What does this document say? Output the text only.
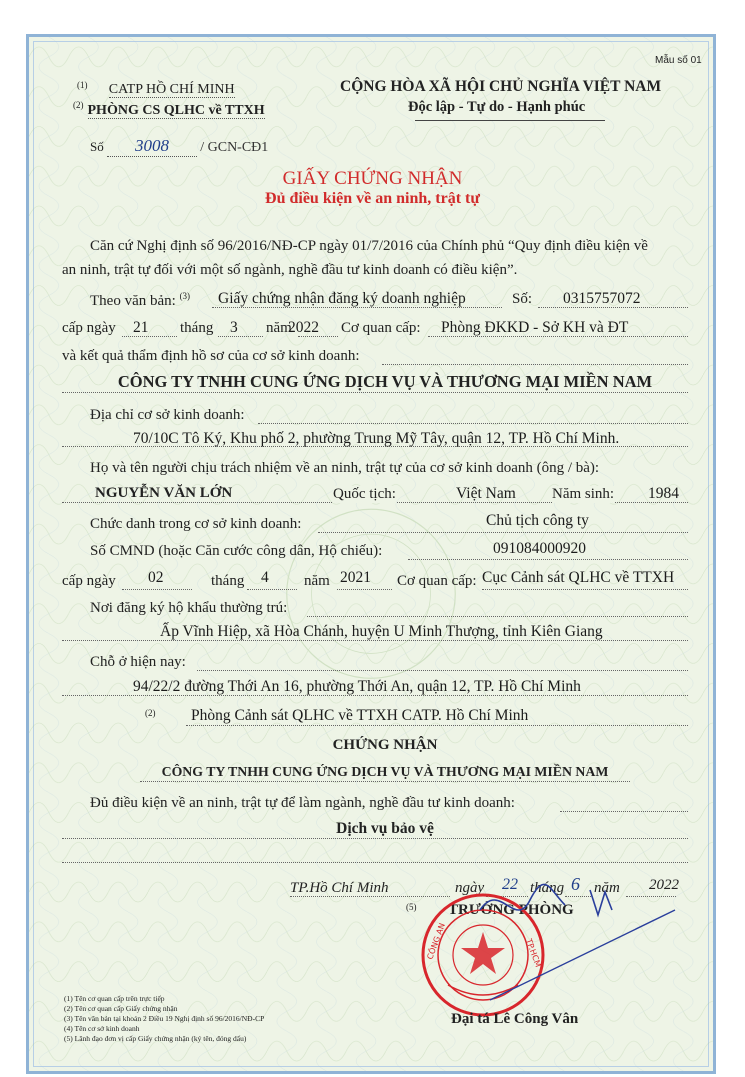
Mẫu số 01
$^{(1)}$ CATP HỒ CHÍ MINH
$^{(2)}$ PHÒNG CS QLHC về TTXH
Số 3008 / GCN-CĐ1
CỘNG HÒA XÃ HỘI CHỦ NGHĨA VIỆT NAM
Độc lập - Tự do - Hạnh phúc
GIẤY CHỨNG NHẬN
Đủ điều kiện về an ninh, trật tự
Căn cứ Nghị định số 96/2016/NĐ-CP ngày 01/7/2016 của Chính phủ “Quy định điều kiện về
an ninh, trật tự đối với một số ngành, nghề đầu tư kinh doanh có điều kiện”.
Theo văn bản: $^{(3)}$ Giấy chứng nhận đăng ký doanh nghiệp	Số: 0315757072
cấp ngày 21 tháng 3 năm
2022 Cơ quan cấp: Phòng ĐKKD - Sở KH và ĐT
và kết quả thẩm định hồ sơ của cơ sở kinh doanh:
CÔNG TY TNHH CUNG ỨNG DỊCH VỤ VÀ THƯƠNG MẠI MIỀN NAM
Địa chỉ cơ sở kinh doanh:
70/10C Tô Ký, Khu phố 2, phường Trung Mỹ Tây, quận 12, TP. Hồ Chí Minh.
Họ và tên người chịu trách nhiệm về an ninh, trật tự của cơ sở kinh doanh (ông / bà):
NGUYỄN VĂN LỚN	Quốc tịch:	Việt Nam Năm sinh: 1984
Chức danh trong cơ sở kinh doanh:	Chủ tịch công ty
Số CMND (hoặc Căn cước công dân, Hộ chiếu):	091084000920
cấp ngày 02	tháng 4 năm 2021 Cơ quan cấp: Cục Cảnh sát QLHC về TTXH
Nơi đăng ký hộ khẩu thường trú:
Ấp Vĩnh Hiệp, xã Hòa Chánh, huyện U Minh Thượng, tỉnh Kiên Giang
Chỗ ở hiện nay:
94/22/2 đường Thới An 16, phường Thới An, quận 12, TP. Hồ Chí Minh
$^{(2)}$ Phòng Cảnh sát QLHC về TTXH CATP. Hồ Chí Minh
CHỨNG NHẬN
CÔNG TY TNHH CUNG ỨNG DỊCH VỤ VÀ THƯƠNG MẠI MIỀN NAM
Đủ điều kiện về an ninh, trật tự để làm ngành, nghề đầu tư kinh doanh:
Dịch vụ bảo vệ
TP.Hồ Chí Minh	ngày 22 tháng 6 năm 2022
$^{(5)}$ TRƯỞNG PHÒNG
CÔNG AN	TP.HCM
Đại tá Lê Công Vân
(1) Tên cơ quan cấp trên trực tiếp
(2) Tên cơ quan cấp Giấy chứng nhận
(3) Tên văn bản tại khoản 2 Điều 19 Nghị định số 96/2016/NĐ-CP
(4) Tên cơ sở kinh doanh
(5) Lãnh đạo đơn vị cấp Giấy chứng nhận (ký tên, đóng dấu)
